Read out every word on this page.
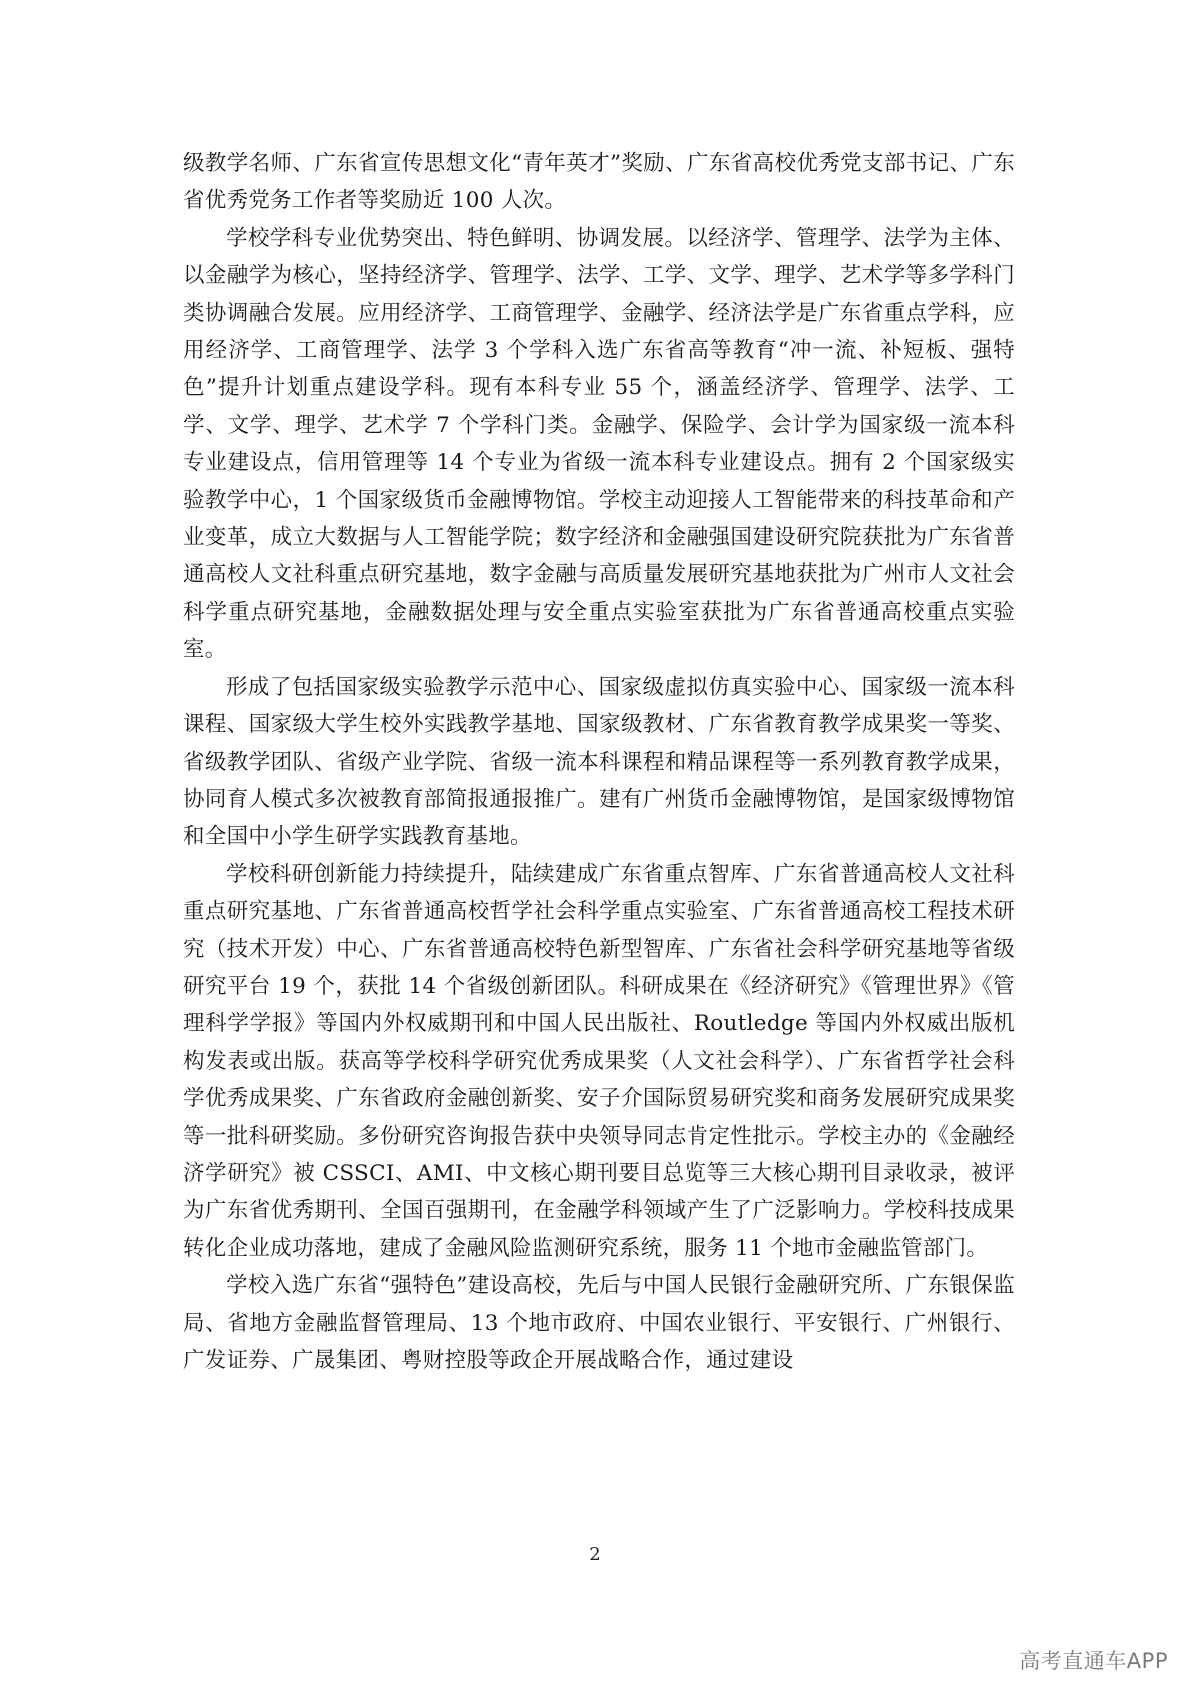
级教学名师、广东省宣传思想文化“青年英才”奖励、广东省高校优秀党支部书记、广东省优秀党务工作者等奖励近 100 人次。

学校学科专业优势突出、特色鲜明、协调发展。以经济学、管理学、法学为主体、以金融学为核心，坚持经济学、管理学、法学、工学、文学、理学、艺术学等多学科门类协调融合发展。应用经济学、工商管理学、金融学、经济法学是广东省重点学科，应用经济学、工商管理学、法学 3 个学科入选广东省高等教育“冲一流、补短板、强特色”提升计划重点建设学科。现有本科专业 55 个，涵盖经济学、管理学、法学、工学、文学、理学、艺术学 7 个学科门类。金融学、保险学、会计学为国家级一流本科专业建设点，信用管理等 14 个专业为省级一流本科专业建设点。拥有 2 个国家级实验教学中心，1 个国家级货币金融博物馆。学校主动迎接人工智能带来的科技革命和产业变革，成立大数据与人工智能学院；数字经济和金融强国建设研究院获批为广东省普通高校人文社科重点研究基地，数字金融与高质量发展研究基地获批为广州市人文社会科学重点研究基地，金融数据处理与安全重点实验室获批为广东省普通高校重点实验室。

形成了包括国家级实验教学示范中心、国家级虚拟仿真实验中心、国家级一流本科课程、国家级大学生校外实践教学基地、国家级教材、广东省教育教学成果奖一等奖、省级教学团队、省级产业学院、省级一流本科课程和精品课程等一系列教育教学成果，协同育人模式多次被教育部简报通报推广。建有广州货币金融博物馆，是国家级博物馆和全国中小学生研学实践教育基地。

学校科研创新能力持续提升，陆续建成广东省重点智库、广东省普通高校人文社科重点研究基地、广东省普通高校哲学社会科学重点实验室、广东省普通高校工程技术研究（技术开发）中心、广东省普通高校特色新型智库、广东省社会科学研究基地等省级研究平台 19 个，获批 14 个省级创新团队。科研成果在《经济研究》《管理世界》《管理科学学报》等国内外权威期刊和中国人民出版社、Routledge 等国内外权威出版机构发表或出版。获高等学校科学研究优秀成果奖（人文社会科学）、广东省哲学社会科学优秀成果奖、广东省政府金融创新奖、安子介国际贸易研究奖和商务发展研究成果奖等一批科研奖励。多份研究咨询报告获中央领导同志肯定性批示。学校主办的《金融经济学研究》被 CSSCI、AMI、中文核心期刊要目总览等三大核心期刊目录收录，被评为广东省优秀期刊、全国百强期刊，在金融学科领域产生了广泛影响力。学校科技成果转化企业成功落地，建成了金融风险监测研究系统，服务 11 个地市金融监管部门。

学校入选广东省“强特色”建设高校，先后与中国人民银行金融研究所、广东银保监局、省地方金融监督管理局、13 个地市政府、中国农业银行、平安银行、广州银行、广发证券、广晟集团、粤财控股等政企开展战略合作，通过建设

2
高考直通车APP
